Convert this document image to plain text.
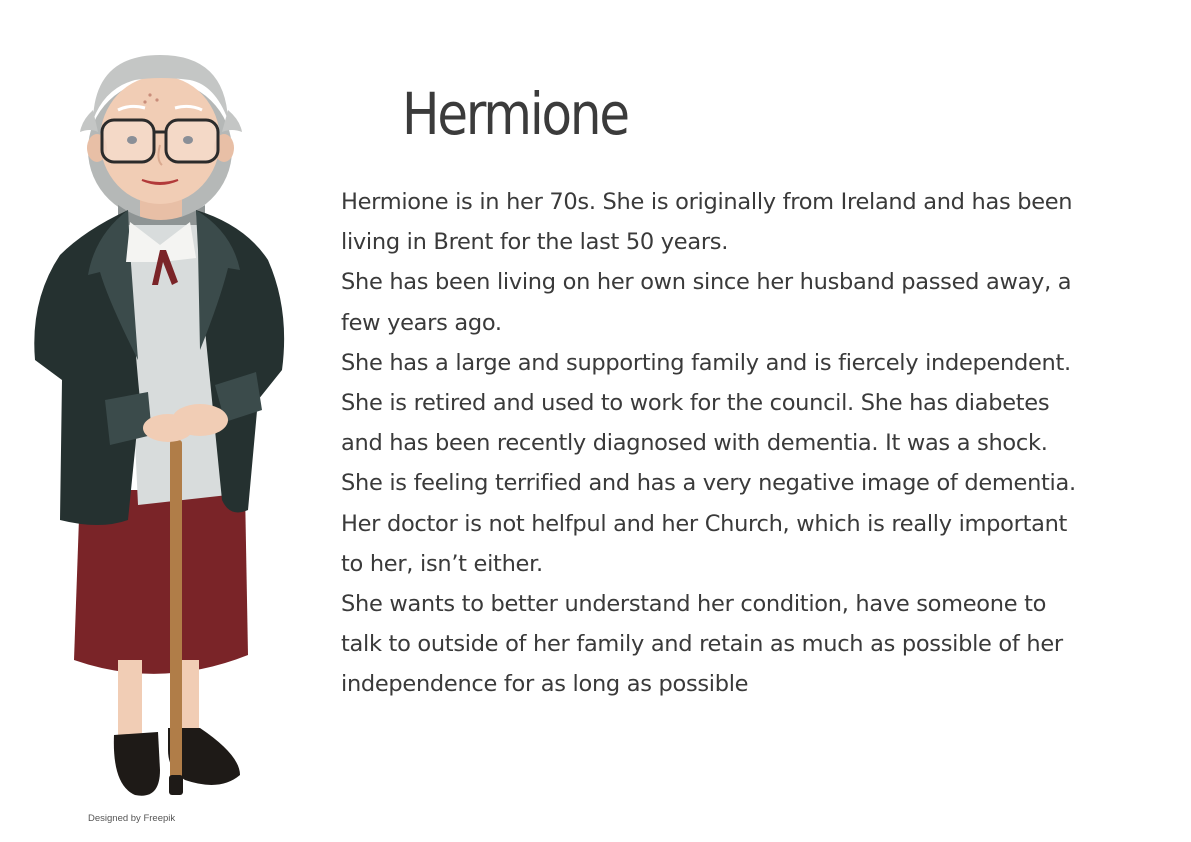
Designed by Freepik
Hermione
Hermione is in her 70s. She is originally from Ireland and has been
living in Brent for the last 50 years.
She has been living on her own since her husband passed away, a
few years ago.
She has a large and supporting family and is fiercely independent.
She is retired and used to work for the council. She has diabetes
and has been recently diagnosed with dementia. It was a shock.
She is feeling terrified and has a very negative image of dementia.
Her doctor is not helfpul and her Church, which is really important
to her, isn’t either.
She wants to better understand her condition, have someone to
talk to outside of her family and retain as much as possible of her
independence for as long as possible
